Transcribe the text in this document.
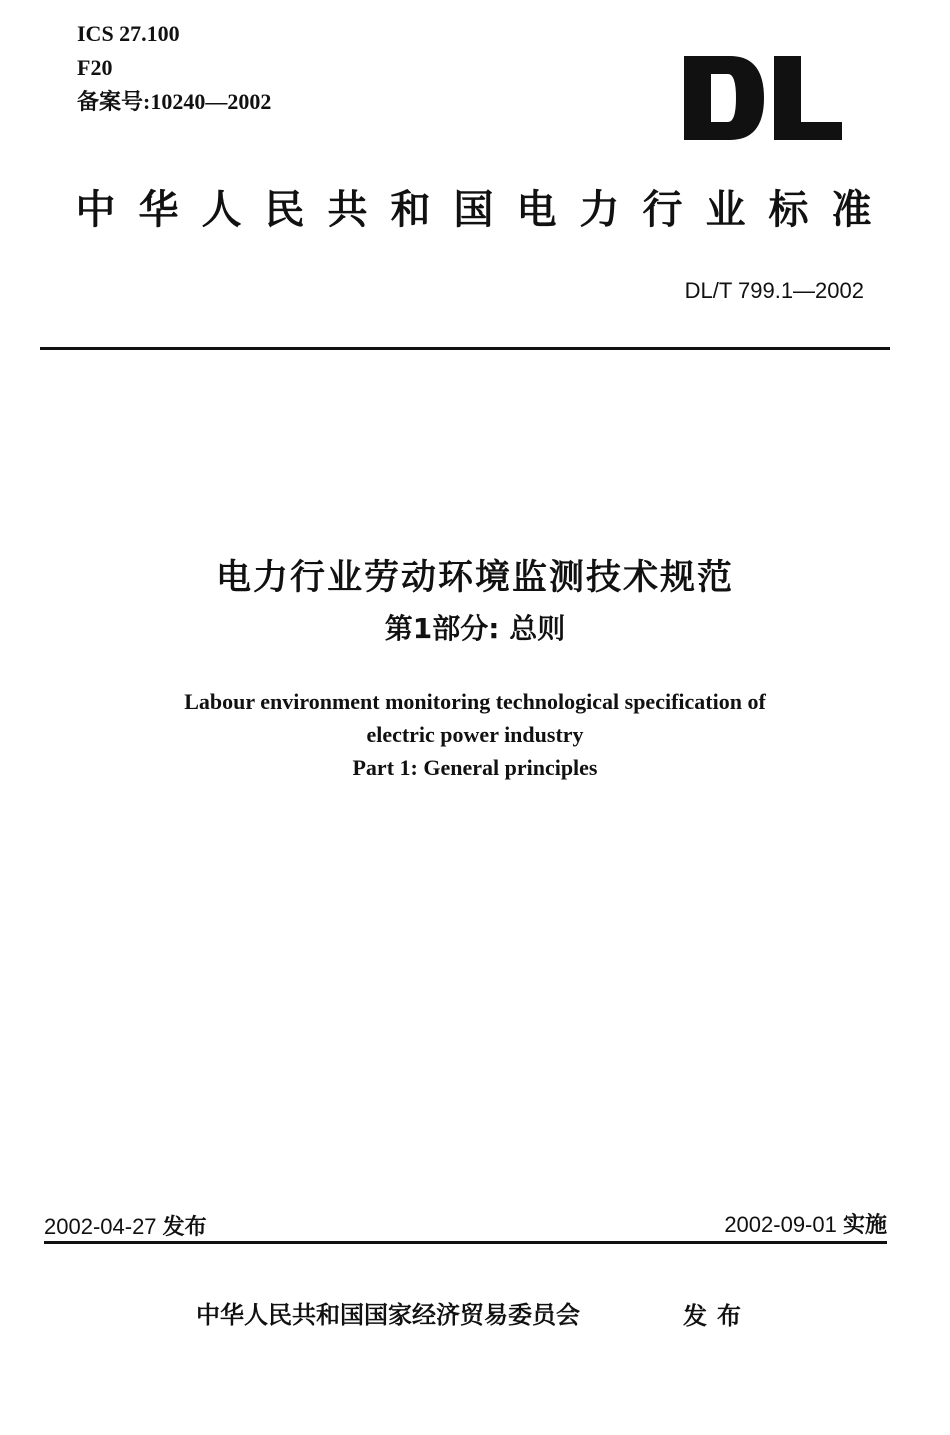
ICS 27.100
F20
备案号:10240—2002
中华人民共和国电力行业标准
DL/T 799.1—2002
电力行业劳动环境监测技术规范
第1部分: 总则
Labour environment monitoring technological specification of
electric power industry
Part 1: General principles
2002-04-27 发布	2002-09-01 实施
中华人民共和国国家经济贸易委员会	发布
